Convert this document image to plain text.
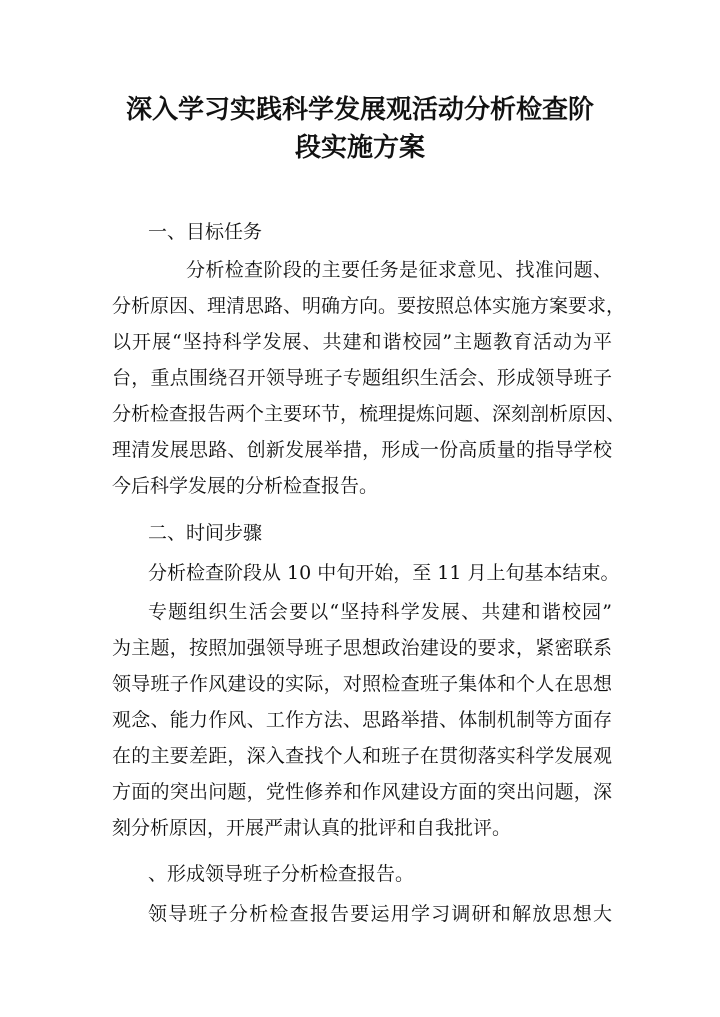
深入学习实践科学发展观活动分析检查阶
段实施方案

一、目标任务

分析检查阶段的主要任务是征求意见、找准问题、

分析原因、理清思路、明确方向。要按照总体实施方案要求，

以开展“坚持科学发展、共建和谐校园”主题教育活动为平

台，重点围绕召开领导班子专题组织生活会、形成领导班子

分析检查报告两个主要环节，梳理提炼问题、深刻剖析原因、

理清发展思路、创新发展举措，形成一份高质量的指导学校

今后科学发展的分析检查报告。

二、时间步骤

分析检查阶段从 10 中旬开始，至 11 月上旬基本结束。

专题组织生活会要以“坚持科学发展、共建和谐校园”

为主题，按照加强领导班子思想政治建设的要求，紧密联系

领导班子作风建设的实际，对照检查班子集体和个人在思想

观念、能力作风、工作方法、思路举措、体制机制等方面存

在的主要差距，深入查找个人和班子在贯彻落实科学发展观

方面的突出问题，党性修养和作风建设方面的突出问题，深

刻分析原因，开展严肃认真的批评和自我批评。

、形成领导班子分析检查报告。

领导班子分析检查报告要运用学习调研和解放思想大
